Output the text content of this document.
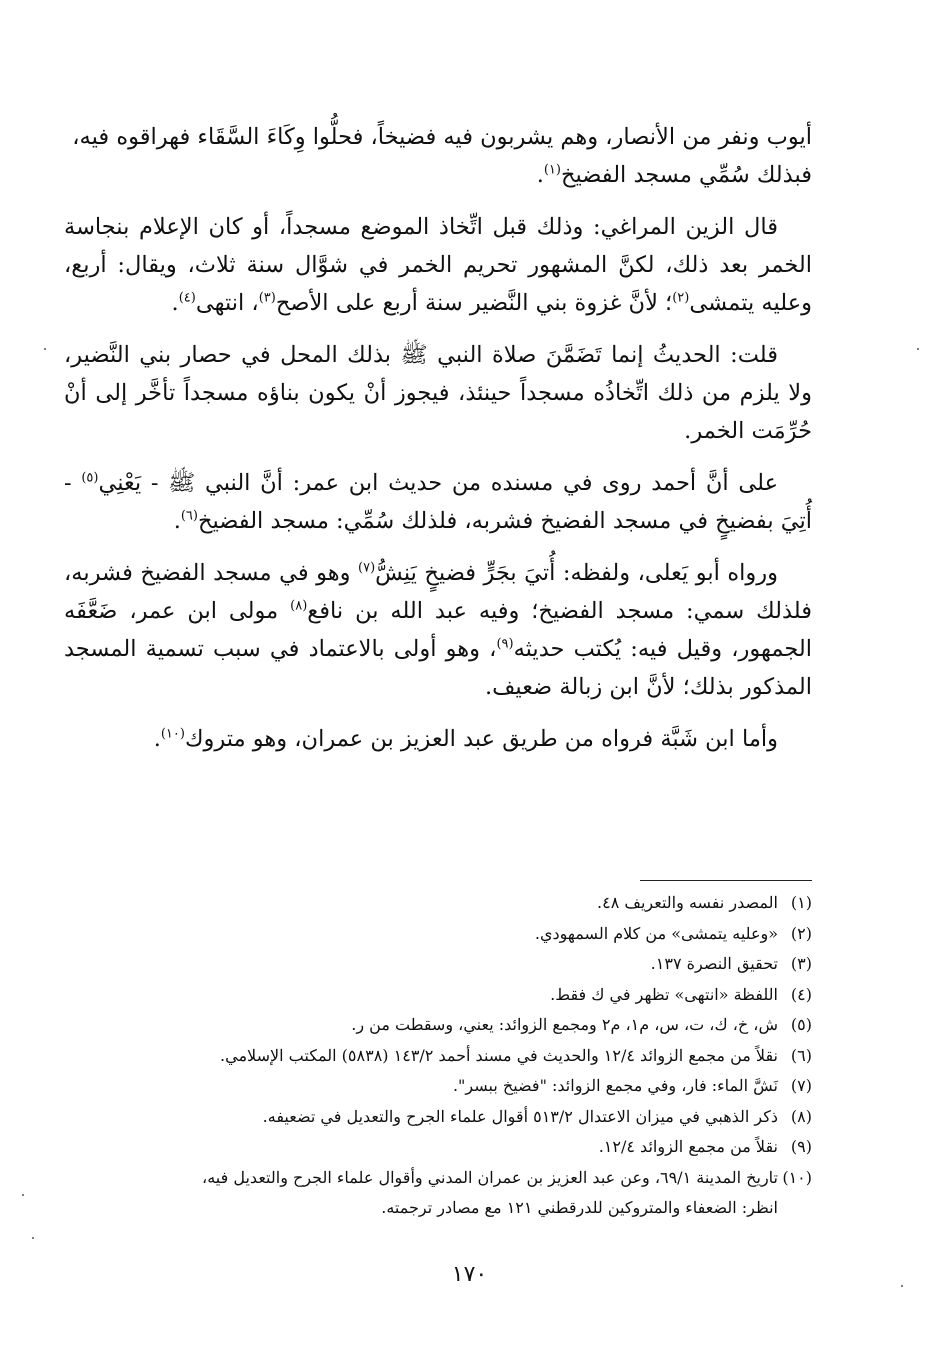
أيوب ونفر من الأنصار، وهم يشربون فيه فضيخاً، فحلُّوا وِكَاءَ السَّقَاء فهراقوه فيه،
فبذلك سُمِّي مسجد الفضيخ$^{(١)}$.

قال الزين المراغي: وذلك قبل اتِّخاذ الموضع مسجداً، أو كان الإعلام بنجاسة الخمر بعد ذلك، لكنَّ المشهور تحريم الخمر في شوَّال سنة ثلاث، ويقال: أربع، وعليه يتمشى$^{(٢)}$؛ لأنَّ غزوة بني النَّضير سنة أربع على الأصح$^{(٣)}$، انتهى$^{(٤)}$.

قلت: الحديثُ إنما تَضَمَّنَ صلاة النبي ﷺ بذلك المحل في حصار بني النَّضير، ولا يلزم من ذلك اتِّخاذُه مسجداً حينئذ، فيجوز أنْ يكون بناؤه مسجداً تأخَّر إلى أنْ حُرِّمَت الخمر.

على أنَّ أحمد روى في مسنده من حديث ابن عمر: أنَّ النبي ﷺ - يَعْنِي$^{(٥)}$ - أُتِيَ بفضيخٍ في مسجد الفضيخ فشربه، فلذلك سُمِّي: مسجد الفضيخ$^{(٦)}$.

ورواه أبو يَعلى، ولفظه: أُتيَ بجَرٍّ فضيخٍ يَنِشُّ$^{(٧)}$ وهو في مسجد الفضيخ فشربه، فلذلك سمي: مسجد الفضيخ؛ وفيه عبد الله بن نافع$^{(٨)}$ مولى ابن عمر، ضَعَّفَه الجمهور، وقيل فيه: يُكتب حديثه$^{(٩)}$، وهو أولى بالاعتماد في سبب تسمية المسجد المذكور بذلك؛ لأنَّ ابن زبالة ضعيف.

وأما ابن شَبَّة فرواه من طريق عبد العزيز بن عمران، وهو متروك$^{(١٠)}$.

(١)المصدر نفسه والتعريف ٤٨.
(٢)«وعليه يتمشى» من كلام السمهودي.
(٣)تحقيق النصرة ١٣٧.
(٤)اللفظة «انتهى» تظهر في ك فقط.
(٥)ش، خ، ك، ت، س، م١، م٢ ومجمع الزوائد: يعني، وسقطت من ر.
(٦)نقلاً من مجمع الزوائد ١٢/٤ والحديث في مسند أحمد ١٤٣/٢ (٥٨٣٨) المكتب الإسلامي.
(٧)نَشَّ الماء: فار، وفي مجمع الزوائد: "فضيخ ببسر".
(٨)ذكر الذهبي في ميزان الاعتدال ٥١٣/٢ أقوال علماء الجرح والتعديل في تضعيفه.
(٩)نقلاً من مجمع الزوائد ١٢/٤.
(١٠)تاريخ المدينة ٦٩/١، وعن عبد العزيز بن عمران المدني وأقوال علماء الجرح والتعديل فيه،
انظر: الضعفاء والمتروكين للدرقطني ١٢١ مع مصادر ترجمته.
١٧٠
